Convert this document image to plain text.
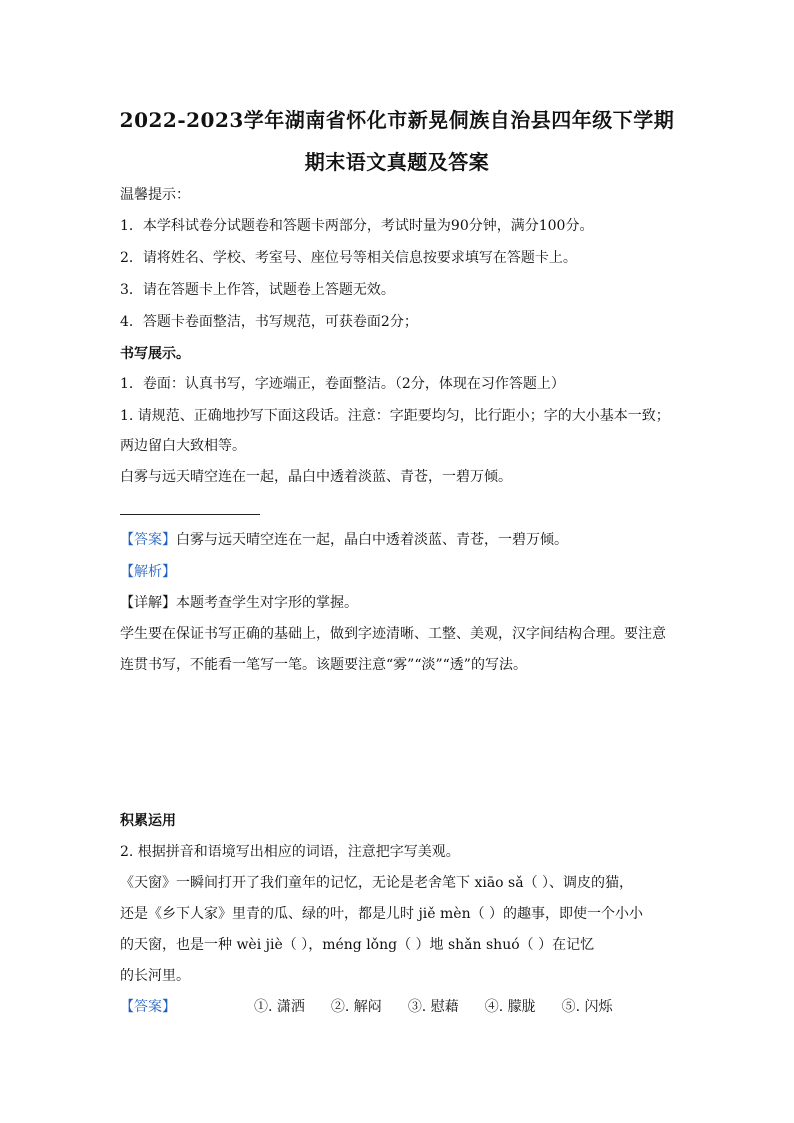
2022-2023学年湖南省怀化市新晃侗族自治县四年级下学期
期末语文真题及答案

温馨提示：

1．本学科试卷分试题卷和答题卡两部分，考试时量为90分钟，满分100分。

2．请将姓名、学校、考室号、座位号等相关信息按要求填写在答题卡上。

3．请在答题卡上作答，试题卷上答题无效。

4．答题卡卷面整洁，书写规范，可获卷面2分；

书写展示。

1．卷面：认真书写，字迹端正，卷面整洁。（2分，体现在习作答题上）

1. 请规范、正确地抄写下面这段话。注意：字距要均匀，比行距小；字的大小基本一致；

两边留白大致相等。

白雾与远天晴空连在一起，晶白中透着淡蓝、青苍，一碧万倾。

【答案】白雾与远天晴空连在一起，晶白中透着淡蓝、青苍，一碧万倾。

【解析】

【详解】本题考查学生对字形的掌握。

学生要在保证书写正确的基础上，做到字迹清晰、工整、美观，汉字间结构合理。要注意

连贯书写，不能看一笔写一笔。该题要注意“雾”“淡”“透”的写法。

积累运用

2. 根据拼音和语境写出相应的词语，注意把字写美观。

《天窗》一瞬间打开了我们童年的记忆，无论是老舍笔下 xiāo sǎ（ ）、调皮的猫，

还是《乡下人家》里青的瓜、绿的叶，都是儿时 jiě mèn（ ）的趣事，即使一个小小

的天窗，也是一种 wèi jiè（ ），méng lǒng（ ）地 shǎn shuó（ ）在记忆

的长河里。

【答案】	①. 潇洒 ②. 解闷 ③. 慰藉 ④. 朦胧 ⑤. 闪烁
